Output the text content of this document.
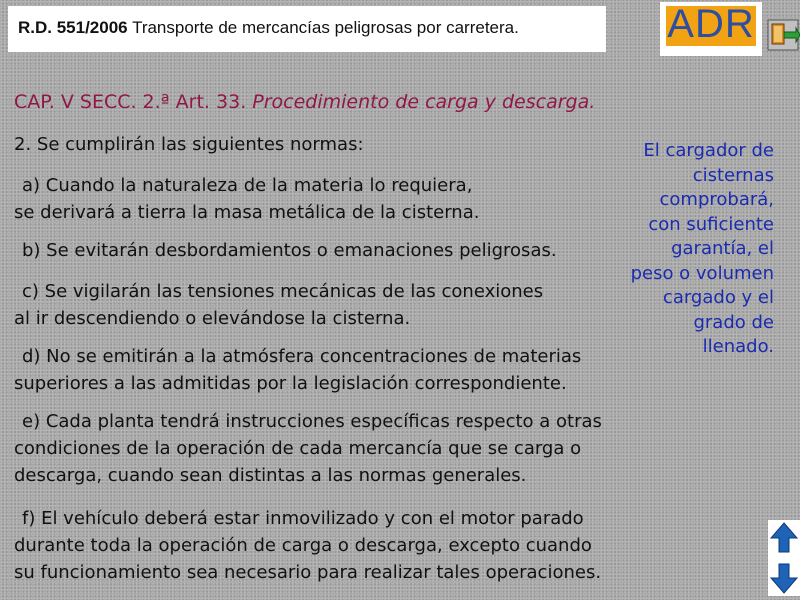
R.D. 551/2006 Transporte de mercancías peligrosas por carretera.	ADR
CAP. V SECC. 2.ª Art. 33. Procedimiento de carga y descarga.
2. Se cumplirán las siguientes normas:
a) Cuando la naturaleza de la materia lo requiera,
se derivará a tierra la masa metálica de la cisterna.
b) Se evitarán desbordamientos o emanaciones peligrosas.
c) Se vigilarán las tensiones mecánicas de las conexiones
al ir descendiendo o elevándose la cisterna.
d) No se emitirán a la atmósfera concentraciones de materias
superiores a las admitidas por la legislación correspondiente.
e) Cada planta tendrá instrucciones específicas respecto a otras
condiciones de la operación de cada mercancía que se carga o
descarga, cuando sean distintas a las normas generales.
f) El vehículo deberá estar inmovilizado y con el motor parado
durante toda la operación de carga o descarga, excepto cuando
su funcionamiento sea necesario para realizar tales operaciones.
El cargador de
cisternas
comprobará,
con suficiente
garantía, el
peso o volumen
cargado y el
grado de
llenado.
